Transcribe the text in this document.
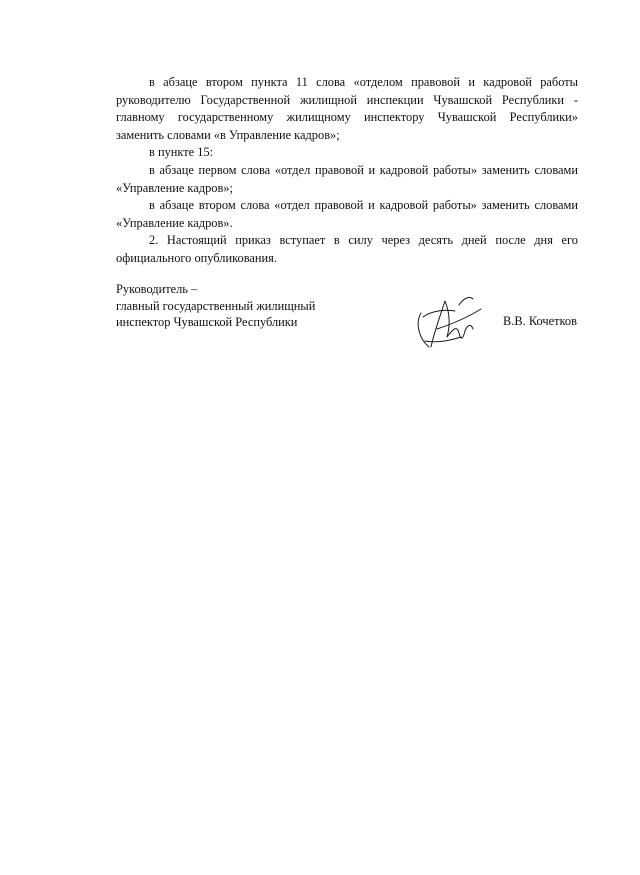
в абзаце втором пункта 11 слова «отделом правовой и кадровой работы руководителю Государственной жилищной инспекции Чувашской Республики - главному государственному жилищному инспектору Чувашской Республики» заменить словами «в Управление кадров»;

в пункте 15:

в абзаце первом слова «отдел правовой и кадровой работы» заменить словами «Управление кадров»;

в абзаце втором слова «отдел правовой и кадровой работы» заменить словами «Управление кадров».

2. Настоящий приказ вступает в силу через десять дней после дня его официального опубликования.

Руководитель –
главный государственный жилищный
инспектор Чувашской Республики	В.В. Кочетков
